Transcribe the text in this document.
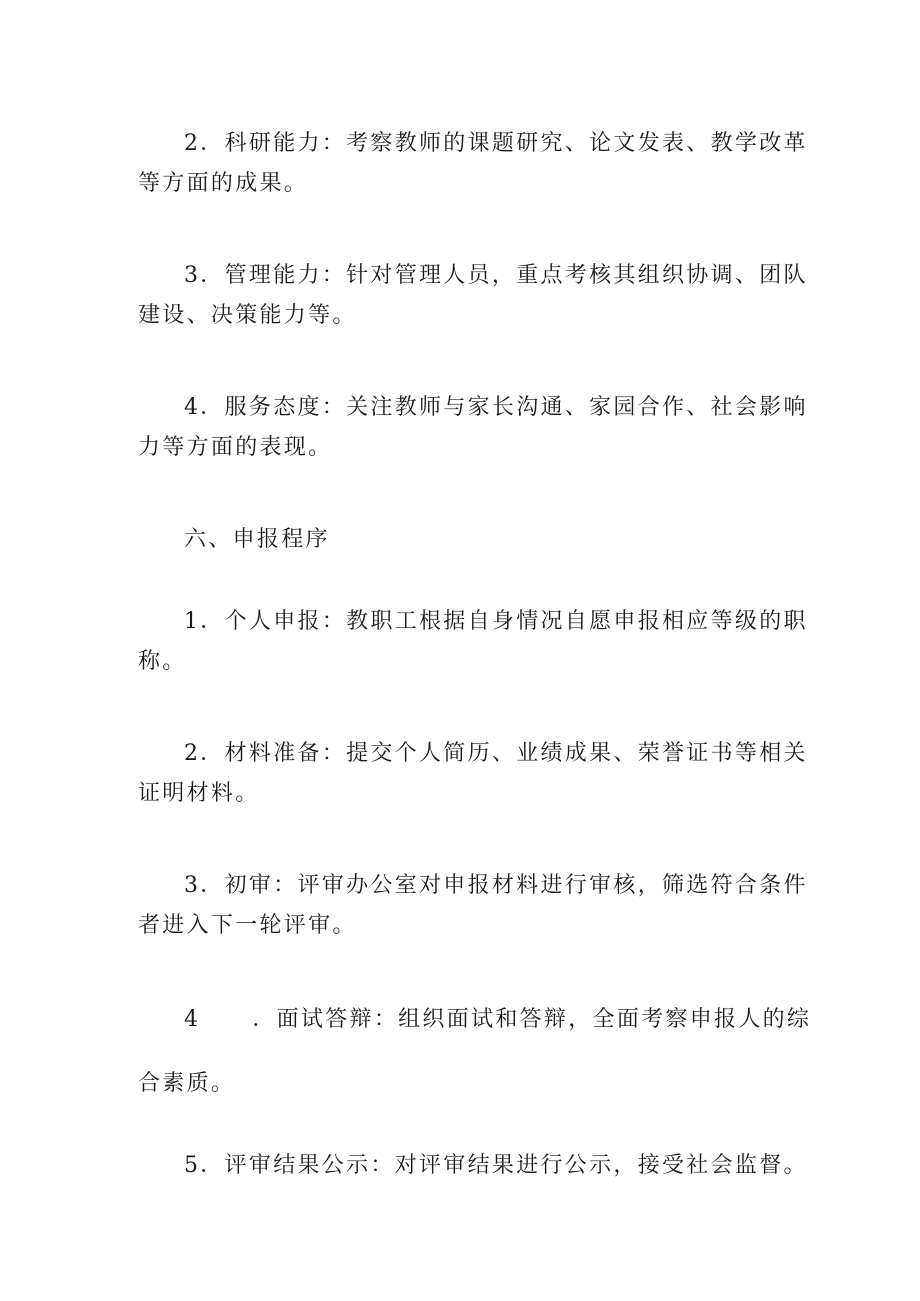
2．科研能力：考察教师的课题研究、论文发表、教学改革
等方面的成果。

3．管理能力：针对管理人员，重点考核其组织协调、团队
建设、决策能力等。

4．服务态度：关注教师与家长沟通、家园合作、社会影响
力等方面的表现。

六、申报程序

1．个人申报：教职工根据自身情况自愿申报相应等级的职
称。

2．材料准备：提交个人简历、业绩成果、荣誉证书等相关
证明材料。

3．初审：评审办公室对申报材料进行审核，筛选符合条件
者进入下一轮评审。

4 ．面试答辩：组织面试和答辩，全面考察申报人的综
合素质。

5．评审结果公示：对评审结果进行公示，接受社会监督。
